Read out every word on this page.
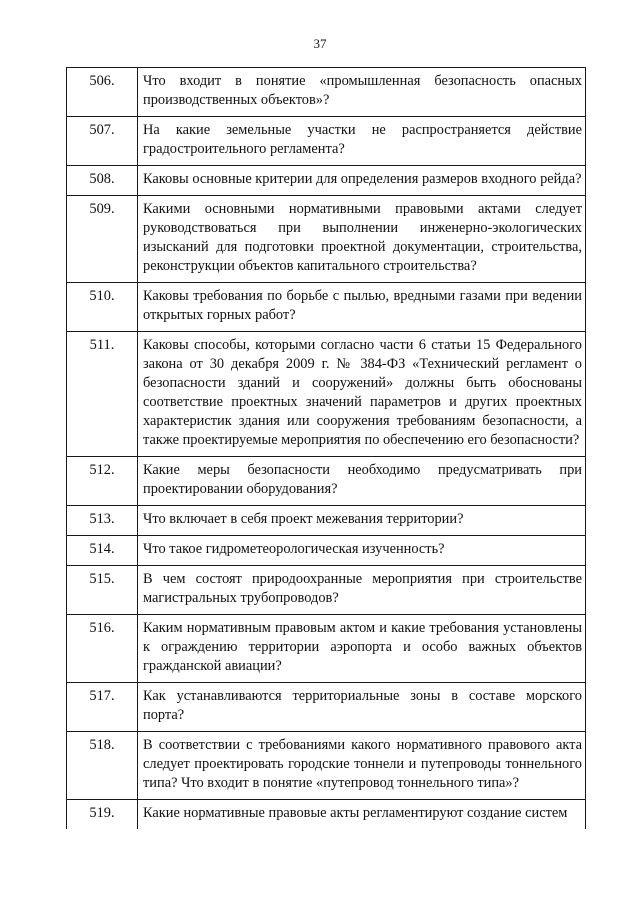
37
506.	Что входит в понятие «промышленная безопасность опасных производственных объектов»?
507.	На какие земельные участки не распространяется действие градостроительного регламента?
508.	Каковы основные критерии для определения размеров входного рейда?
509.	Какими основными нормативными правовыми актами следует руководствоваться при выполнении инженерно-экологических изысканий для подготовки проектной документации, строительства, реконструкции объектов капитального строительства?
510.	Каковы требования по борьбе с пылью, вредными газами при ведении открытых горных работ?
511.	Каковы способы, которыми согласно части 6 статьи 15 Федерального закона от 30 декабря 2009 г. № 384-ФЗ «Технический регламент о безопасности зданий и сооружений» должны быть обоснованы соответствие проектных значений параметров и других проектных характеристик здания или сооружения требованиям безопасности, а также проектируемые мероприятия по обеспечению его безопасности?
512.	Какие меры безопасности необходимо предусматривать при проектировании оборудования?
513.	Что включает в себя проект межевания территории?
514.	Что такое гидрометеорологическая изученность?
515.	В чем состоят природоохранные мероприятия при строительстве магистральных трубопроводов?
516.	Каким нормативным правовым актом и какие требования установлены к ограждению территории аэропорта и особо важных объектов гражданской авиации?
517.	Как устанавливаются территориальные зоны в составе морского порта?
518.	В соответствии с требованиями какого нормативного правового акта следует проектировать городские тоннели и путепроводы тоннельного типа? Что входит в понятие «путепровод тоннельного типа»?
519.	Какие нормативные правовые акты регламентируют создание систем
